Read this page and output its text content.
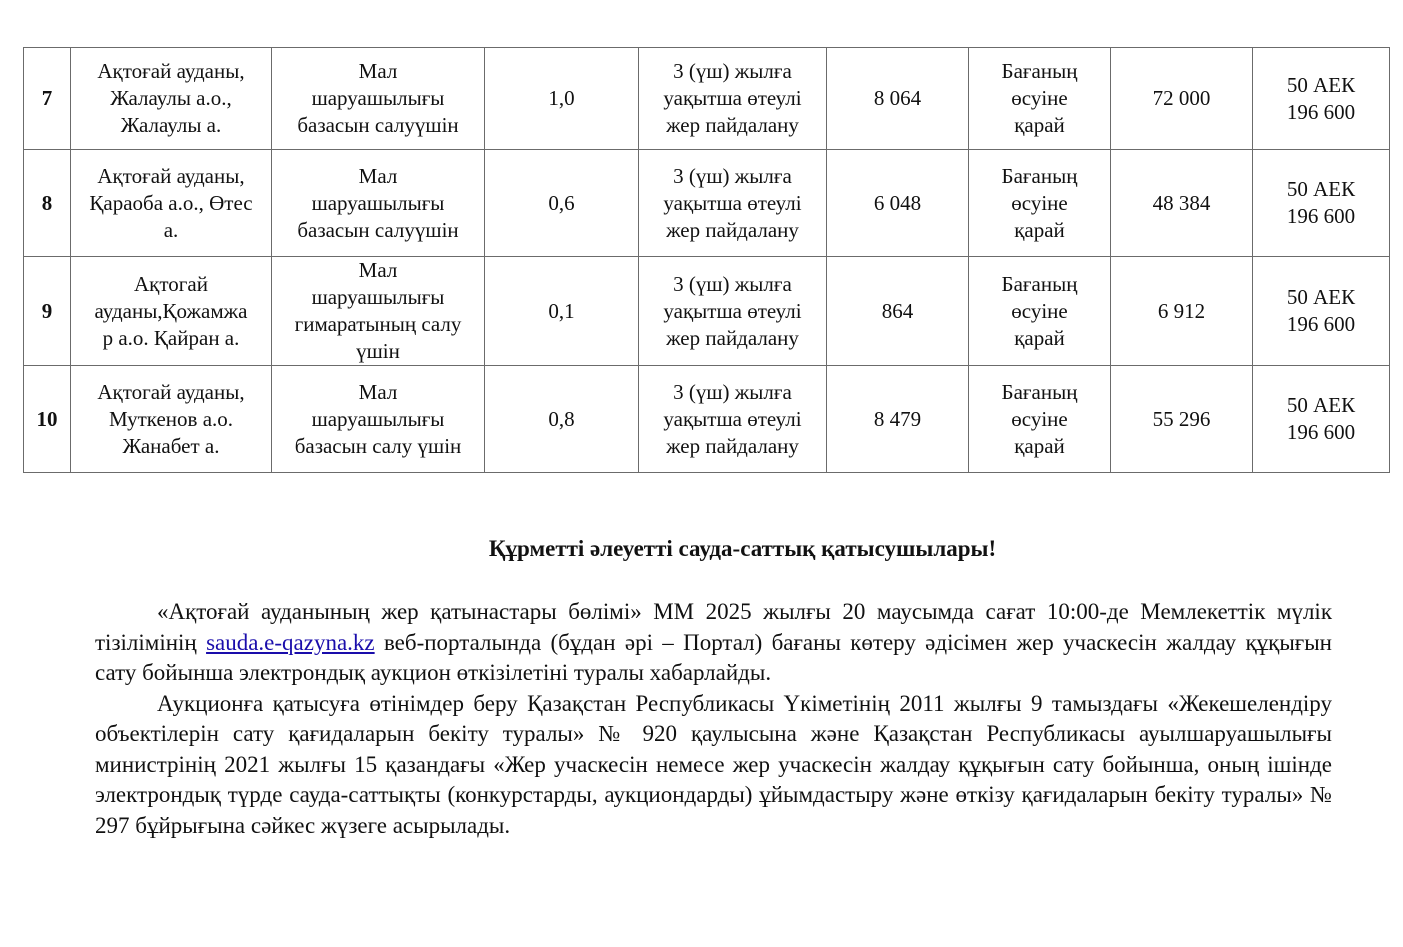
7	Ақтоғай ауданы,
Жалаулы а.о.,
Жалаулы а.	Мал
шаруашылығы
базасын салуүшін	1,0	3 (үш) жылға
уақытша өтеулі
жер пайдалану	8 064	Бағаның
өсуіне
қарай	72 000	50 АЕК
196 600

8	Ақтоғай ауданы,
Қараоба а.о., Өтес
а.	Мал
шаруашылығы
базасын салуүшін	0,6	3 (үш) жылға
уақытша өтеулі
жер пайдалану	6 048	Бағаның
өсуіне
қарай	48 384	50 АЕК
196 600

9	Ақтогай
ауданы,Қожамжа
р а.о. Қайран а.	Мал
шаруашылығы
гимаратының салу
үшін	0,1	3 (үш) жылға
уақытша өтеулі
жер пайдалану	864	Бағаның
өсуіне
қарай	6 912	50 АЕК
196 600

10	Ақтогай ауданы,
Муткенов а.о.
Жанабет а.	Мал
шаруашылығы
базасын салу үшін	0,8	3 (үш) жылға
уақытша өтеулі
жер пайдалану	8 479	Бағаның
өсуіне
қарай	55 296	50 АЕК
196 600
Құрметті әлеуетті сауда-саттық қатысушылары!

«Ақтоғай ауданының жер қатынастары бөлімі» ММ 2025 жылғы 20 маусымда сағат 10:00-де Мемлекеттік мүлік тізілімінің sauda.e-qazyna.kz веб-порталында (бұдан әрі – Портал) бағаны көтеру әдісімен жер учаскесін жалдау құқығын сату бойынша электрондық аукцион өткізілетіні туралы хабарлайды.

Аукционға қатысуға өтінімдер беру Қазақстан Республикасы Үкіметінің 2011 жылғы 9 тамыздағы «Жекешелендіру объектілерін сату қағидаларын бекіту туралы» № 920 қаулысына және Қазақстан Республикасы ауылшаруашылығы министрінің 2021 жылғы 15 қазандағы «Жер учаскесін немесе жер учаскесін жалдау құқығын сату бойынша, оның ішінде электрондық түрде сауда-саттықты (конкурстарды, аукциондарды) ұйымдастыру және өткізу қағидаларын бекіту туралы» № 297 бұйрығына сәйкес жүзеге асырылады.
